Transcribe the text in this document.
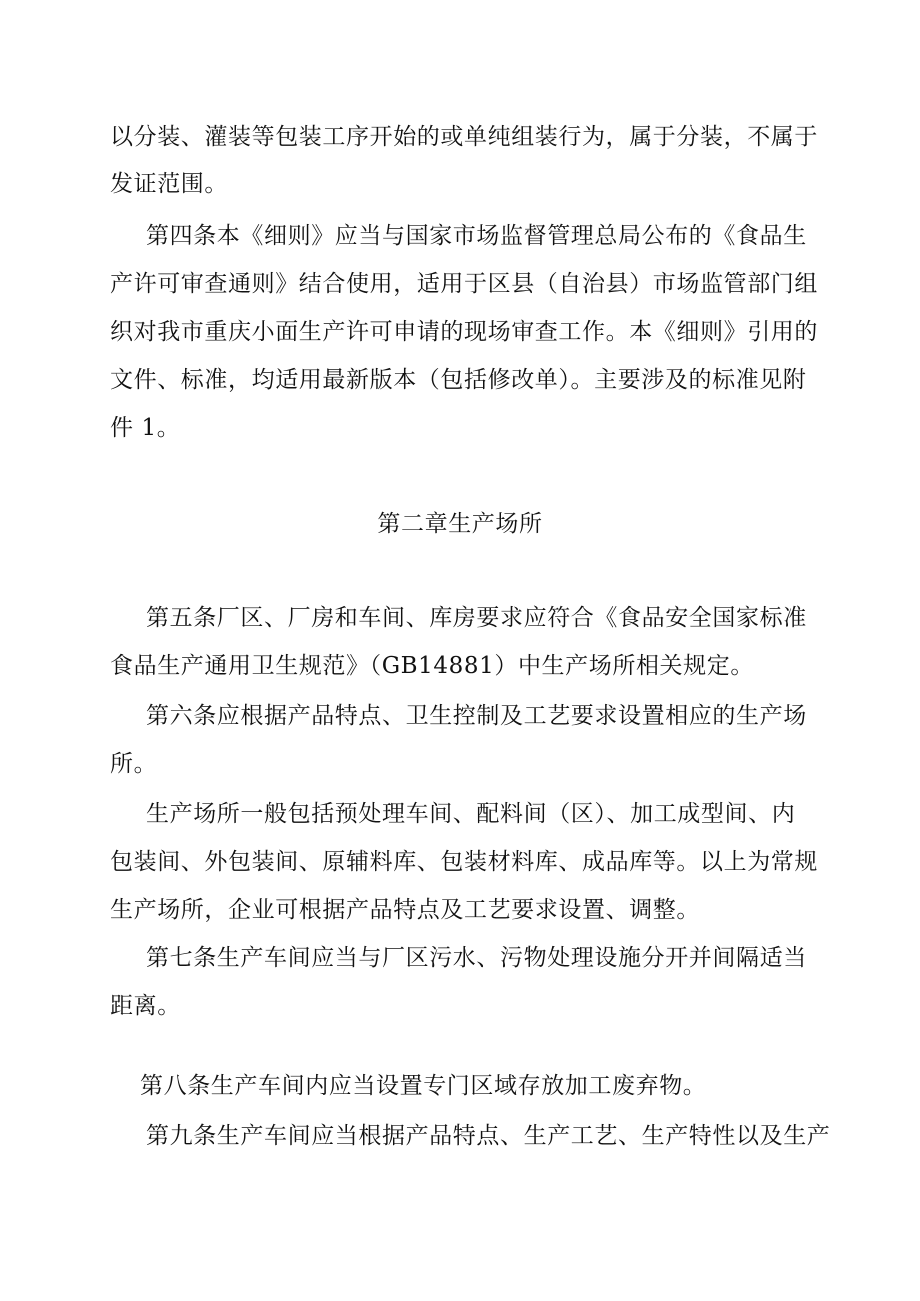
以分装、灌装等包装工序开始的或单纯组装行为，属于分装，不属于
发证范围。
第四条本《细则》应当与国家市场监督管理总局公布的《食品生
产许可审查通则》结合使用，适用于区县（自治县）市场监管部门组
织对我市重庆小面生产许可申请的现场审查工作。本《细则》引用的
文件、标准，均适用最新版本（包括修改单）。主要涉及的标准见附
件 1。
第二章生产场所
第五条厂区、厂房和车间、库房要求应符合《食品安全国家标准
食品生产通用卫生规范》（GB14881）中生产场所相关规定。
第六条应根据产品特点、卫生控制及工艺要求设置相应的生产场
所。
生产场所一般包括预处理车间、配料间（区）、加工成型间、内
包装间、外包装间、原辅料库、包装材料库、成品库等。以上为常规
生产场所，企业可根据产品特点及工艺要求设置、调整。
第七条生产车间应当与厂区污水、污物处理设施分开并间隔适当
距离。
第八条生产车间内应当设置专门区域存放加工废弃物。
第九条生产车间应当根据产品特点、生产工艺、生产特性以及生产
